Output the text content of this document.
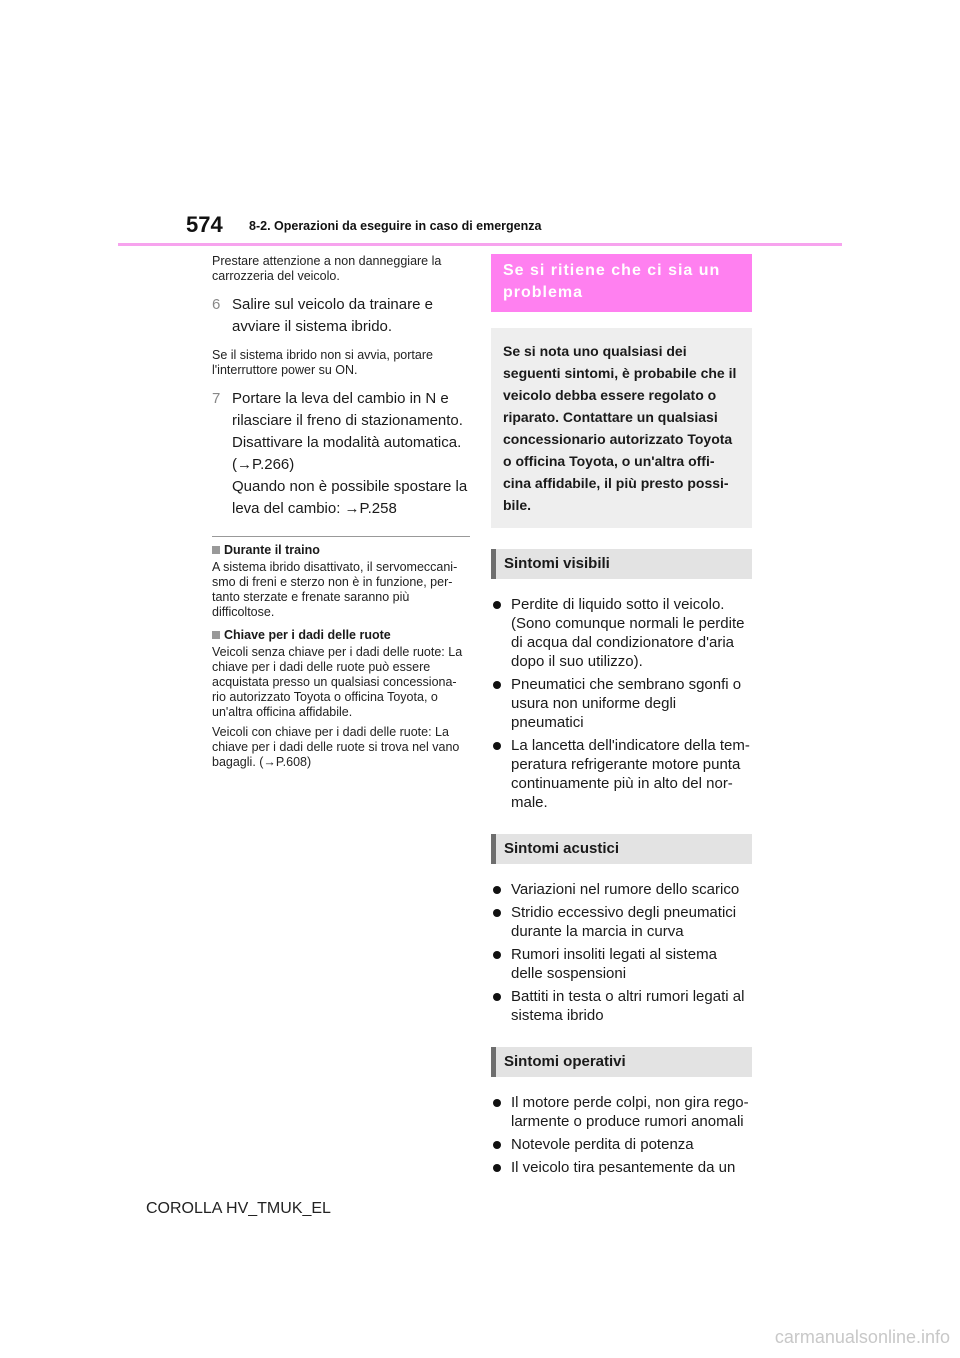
574 8-2. Operazioni da eseguire in caso di emergenza

Prestare attenzione a non danneggiare la carrozzeria del veicolo.

6 Salire sul veicolo da trainare e avviare il sistema ibrido.

Se il sistema ibrido non si avvia, portare l'interruttore power su ON.

7 Portare la leva del cambio in N e rilasciare il freno di stazionamento.

Disattivare la modalità automatica. (→P.266)

Quando non è possibile spostare la leva del cambio: →P.258

Durante il traino

A sistema ibrido disattivato, il servomeccani-smo di freni e sterzo non è in funzione, per-tanto sterzate e frenate saranno più difficoltose.

Chiave per i dadi delle ruote

Veicoli senza chiave per i dadi delle ruote: La chiave per i dadi delle ruote può essere acquistata presso un qualsiasi concessiona-rio autorizzato Toyota o officina Toyota, o un'altra officina affidabile.

Veicoli con chiave per i dadi delle ruote: La chiave per i dadi delle ruote si trova nel vano bagagli. (→P.608)

Se si ritiene che ci sia un problema
Se si nota uno qualsiasi dei seguenti sintomi, è probabile che il veicolo debba essere regolato o riparato. Contattare un qualsiasi concessionario autorizzato Toyota o officina Toyota, o un'altra offi-cina affidabile, il più presto possi-bile.
Sintomi visibili
Perdite di liquido sotto il veicolo. (Sono comunque normali le perdite di acqua dal condizionatore d'aria dopo il suo utilizzo).
Pneumatici che sembrano sgonfi o usura non uniforme degli pneumatici
La lancetta dell'indicatore della tem-peratura refrigerante motore punta continuamente più in alto del nor-male.
Sintomi acustici
Variazioni nel rumore dello scarico
Stridio eccessivo degli pneumatici durante la marcia in curva
Rumori insoliti legati al sistema delle sospensioni
Battiti in testa o altri rumori legati al sistema ibrido
Sintomi operativi
Il motore perde colpi, non gira rego-larmente o produce rumori anomali
Notevole perdita di potenza
Il veicolo tira pesantemente da un
COROLLA HV_TMUK_EL
carmanualsonline.info
